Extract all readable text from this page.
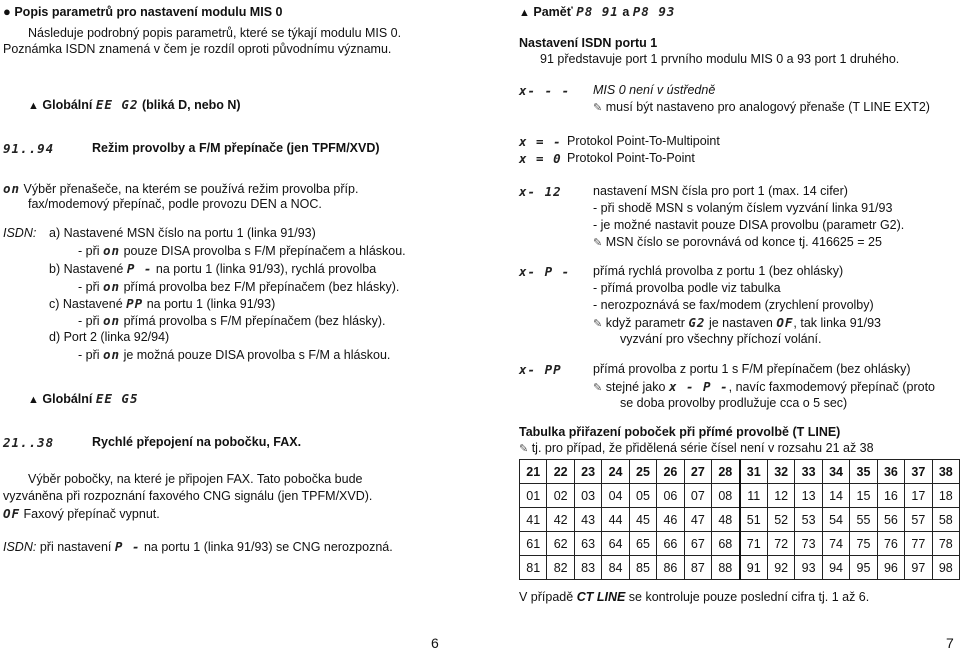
● Popis parametrů pro nastavení modulu MIS 0
Následuje podrobný popis parametrů, které se týkají modulu MIS 0.
Poznámka ISDN znamená v čem je rozdíl oproti původnímu významu.
▲ Globální EE G2 (bliká D, nebo N)
91..94	Režim provolby a F/M přepínače (jen TPFM/XVD)
on Výběr přenašeče, na kterém se používá režim provolba příp.
fax/modemový přepínač, podle provozu DEN a NOC.
ISDN: a) Nastavené MSN číslo na portu 1 (linka 91/93)
- při on pouze DISA provolba s F/M přepínačem a hláskou.
b) Nastavené P - na portu 1 (linka 91/93), rychlá provolba
- při on přímá provolba bez F/M přepínačem (bez hlásky).
c) Nastavené PP na portu 1 (linka 91/93)
- při on přímá provolba s F/M přepínačem (bez hlásky).
d) Port 2 (linka 92/94)
- při on je možná pouze DISA provolba s F/M a hláskou.
▲ Globální EE G5
21..38	Rychlé přepojení na pobočku, FAX.
Výběr pobočky, na které je připojen FAX. Tato pobočka bude
vyzváněna při rozpoznání faxového CNG signálu (jen TPFM/XVD).
OF Faxový přepínač vypnut.
ISDN: při nastavení P - na portu 1 (linka 91/93) se CNG nerozpozná.
6
▲ Paměť P8 91 a P8 93
Nastavení ISDN portu 1
91 představuje port 1 prvního modulu MIS 0 a 93 port 1 druhého.
x- - - MIS 0 není v ústředně
✎ musí být nastaveno pro analogový přenaše (T LINE EXT2)
x = - Protokol Point-To-Multipoint
x = 0 Protokol Point-To-Point
x- 12	nastavení MSN čísla pro port 1 (max. 14 cifer)
- při shodě MSN s volaným číslem vyzvání linka 91/93
- je možné nastavit pouze DISA provolbu (parametr G2).
✎ MSN číslo se porovnává od konce tj. 416625 = 25
x- P - přímá rychlá provolba z portu 1 (bez ohlásky)
- přímá provolba podle viz tabulka
- nerozpoznává se fax/modem (zrychlení provolby)
✎ když parametr G2 je nastaven OF, tak linka 91/93
vyzvání pro všechny příchozí volání.
x- PP	přímá provolba z portu 1 s F/M přepínačem (bez ohlásky)
✎ stejné jako x - P -, navíc faxmodemový přepínač (proto
se doba provolby prodlužuje cca o 5 sec)
Tabulka přiřazení poboček při přímé provolbě (T LINE)
✎ tj. pro případ, že přidělená série čísel není v rozsahu 21 až 38
21	22	23	24	25	26	27	28	31	32	33	34	35	36	37	38
01	02	03	04	05	06	07	08	11	12	13	14	15	16	17	18
41	42	43	44	45	46	47	48	51	52	53	54	55	56	57	58
61	62	63	64	65	66	67	68	71	72	73	74	75	76	77	78
81	82	83	84	85	86	87	88	91	92	93	94	95	96	97	98
V případě CT LINE se kontroluje pouze poslední cifra tj. 1 až 6.
7
